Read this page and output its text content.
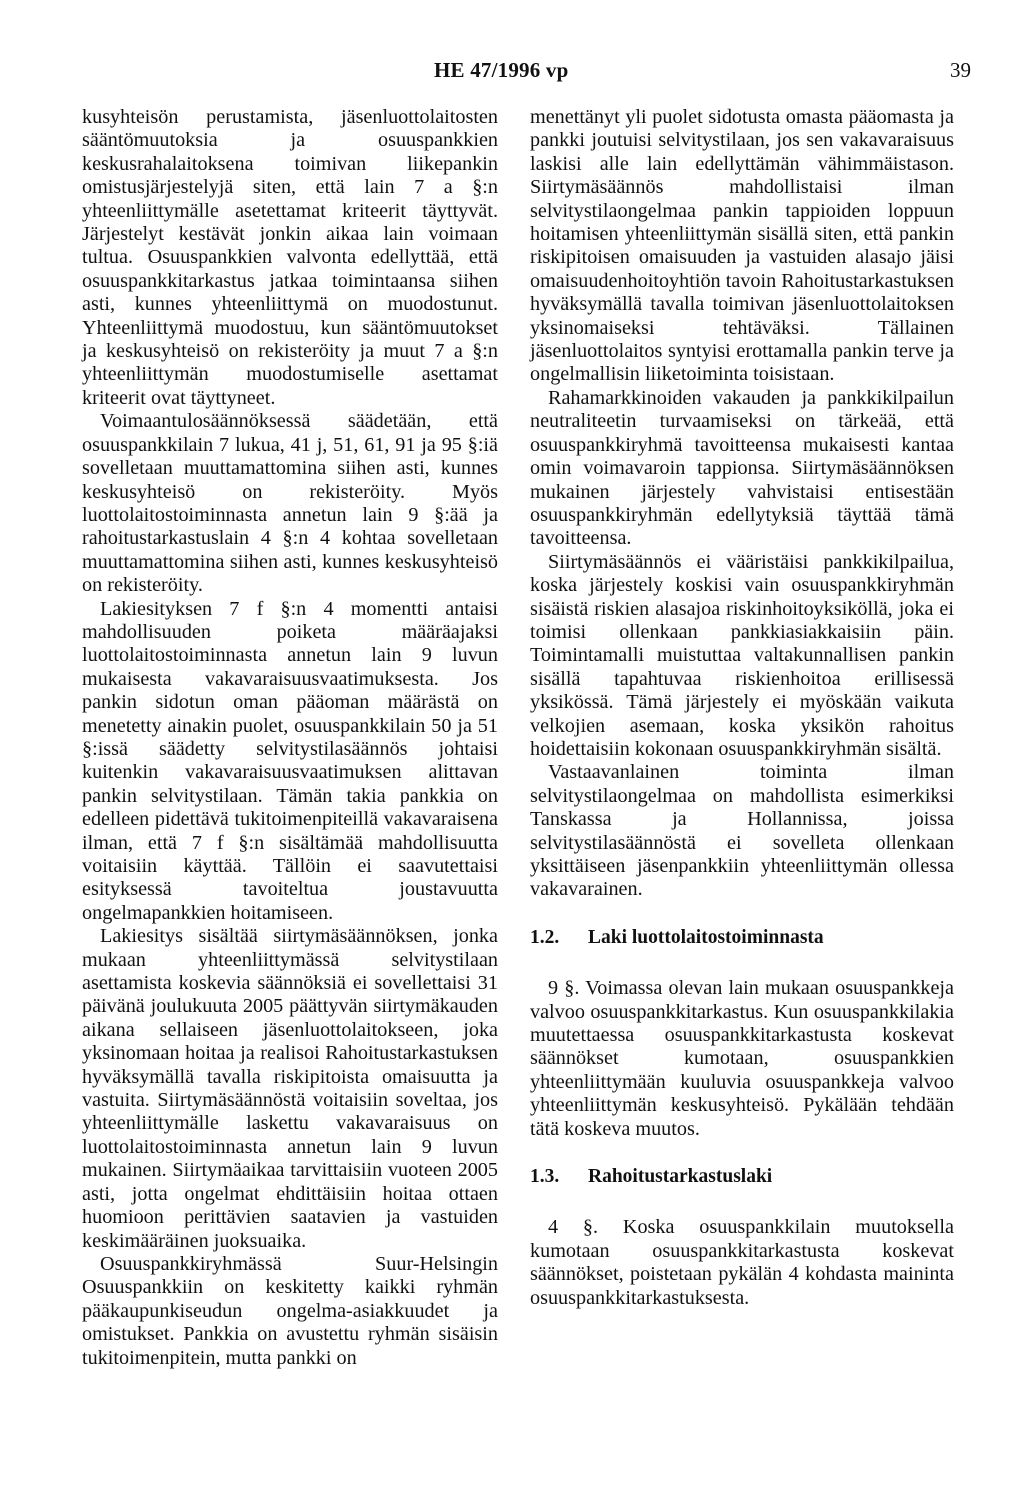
HE 47/1996 vp	39

kusyhteisön perustamista, jäsenluottolaitosten sääntömuutoksia ja osuuspankkien keskusrahalaitoksena toimivan liikepankin omistusjärjestelyjä siten, että lain 7 a §:n yhteenliittymälle asetettamat kriteerit täyttyvät. Järjestelyt kestävät jonkin aikaa lain voimaan tultua. Osuuspankkien valvonta edellyttää, että osuuspankkitarkastus jatkaa toimintaansa siihen asti, kunnes yhteenliittymä on muodostunut. Yhteenliittymä muodostuu, kun sääntömuutokset ja keskusyhteisö on rekisteröity ja muut 7 a §:n yhteenliittymän muodostumiselle asettamat kriteerit ovat täyttyneet.

Voimaantulosäännöksessä säädetään, että osuuspankkilain 7 lukua, 41 j, 51, 61, 91 ja 95 §:iä sovelletaan muuttamattomina siihen asti, kunnes keskusyhteisö on rekisteröity. Myös luottolaitostoiminnasta annetun lain 9 §:ää ja rahoitustarkastuslain 4 §:n 4 kohtaa sovelletaan muuttamattomina siihen asti, kunnes keskusyhteisö on rekisteröity.

Lakiesityksen 7 f §:n 4 momentti antaisi mahdollisuuden poiketa määräajaksi luottolaitostoiminnasta annetun lain 9 luvun mukaisesta vakavaraisuusvaatimuksesta. Jos pankin sidotun oman pääoman määrästä on menetetty ainakin puolet, osuuspankkilain 50 ja 51 §:issä säädetty selvitystilasäännös johtaisi kuitenkin vakavaraisuusvaatimuksen alittavan pankin selvitystilaan. Tämän takia pankkia on edelleen pidettävä tukitoimenpiteillä vakavaraisena ilman, että 7 f §:n sisältämää mahdollisuutta voitaisiin käyttää. Tällöin ei saavutettaisi esityksessä tavoiteltua joustavuutta ongelmapankkien hoitamiseen.

Lakiesitys sisältää siirtymäsäännöksen, jonka mukaan yhteenliittymässä selvitystilaan asettamista koskevia säännöksiä ei sovellettaisi 31 päivänä joulukuuta 2005 päättyvän siirtymäkauden aikana sellaiseen jäsenluottolaitokseen, joka yksinomaan hoitaa ja realisoi Rahoitustarkastuksen hyväksymällä tavalla riskipitoista omaisuutta ja vastuita. Siirtymäsäännöstä voitaisiin soveltaa, jos yhteenliittymälle laskettu vakavaraisuus on luottolaitostoiminnasta annetun lain 9 luvun mukainen. Siirtymäaikaa tarvittaisiin vuoteen 2005 asti, jotta ongelmat ehdittäisiin hoitaa ottaen huomioon perittävien saatavien ja vastuiden keskimääräinen juoksuaika.

Osuuspankkiryhmässä Suur-Helsingin Osuuspankkiin on keskitetty kaikki ryhmän pääkaupunkiseudun ongelma-asiakkuudet ja omistukset. Pankkia on avustettu ryhmän sisäisin tukitoimenpitein, mutta pankki on

menettänyt yli puolet sidotusta omasta pääomasta ja pankki joutuisi selvitystilaan, jos sen vakavaraisuus laskisi alle lain edellyttämän vähimmäistason. Siirtymäsäännös mahdollistaisi ilman selvitystilaongelmaa pankin tappioiden loppuun hoitamisen yhteenliittymän sisällä siten, että pankin riskipitoisen omaisuuden ja vastuiden alasajo jäisi omaisuudenhoitoyhtiön tavoin Rahoitustarkastuksen hyväksymällä tavalla toimivan jäsenluottolaitoksen yksinomaiseksi tehtäväksi. Tällainen jäsenluottolaitos syntyisi erottamalla pankin terve ja ongelmallisin liiketoiminta toisistaan.

Rahamarkkinoiden vakauden ja pankkikilpailun neutraliteetin turvaamiseksi on tärkeää, että osuuspankkiryhmä tavoitteensa mukaisesti kantaa omin voimavaroin tappionsa. Siirtymäsäännöksen mukainen järjestely vahvistaisi entisestään osuuspankkiryhmän edellytyksiä täyttää tämä tavoitteensa.

Siirtymäsäännös ei vääristäisi pankkikilpailua, koska järjestely koskisi vain osuuspankkiryhmän sisäistä riskien alasajoa riskinhoitoyksiköllä, joka ei toimisi ollenkaan pankkiasiakkaisiin päin. Toimintamalli muistuttaa valtakunnallisen pankin sisällä tapahtuvaa riskienhoitoa erillisessä yksikössä. Tämä järjestely ei myöskään vaikuta velkojien asemaan, koska yksikön rahoitus hoidettaisiin kokonaan osuuspankkiryhmän sisältä.

Vastaavanlainen toiminta ilman selvitystilaongelmaa on mahdollista esimerkiksi Tanskassa ja Hollannissa, joissa selvitystilasäännöstä ei sovelleta ollenkaan yksittäiseen jäsenpankkiin yhteenliittymän ollessa vakavarainen.

1.2. Laki luottolaitostoiminnasta

9 §. Voimassa olevan lain mukaan osuuspankkeja valvoo osuuspankkitarkastus. Kun osuuspankkilakia muutettaessa osuuspankkitarkastusta koskevat säännökset kumotaan, osuuspankkien yhteenliittymään kuuluvia osuuspankkeja valvoo yhteenliittymän keskusyhteisö. Pykälään tehdään tätä koskeva muutos.

1.3. Rahoitustarkastuslaki

4 §. Koska osuuspankkilain muutoksella kumotaan osuuspankkitarkastusta koskevat säännökset, poistetaan pykälän 4 kohdasta maininta osuuspankkitarkastuksesta.
